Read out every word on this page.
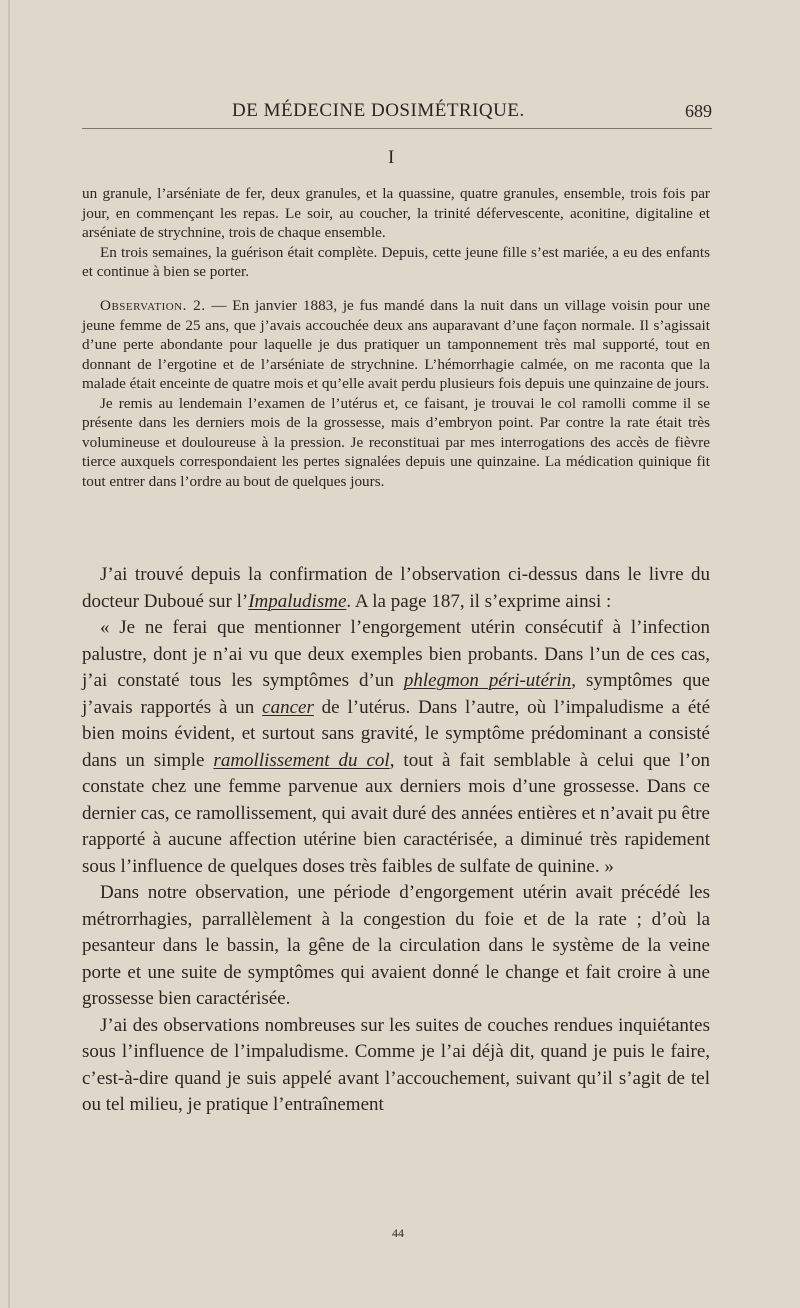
DE MÉDECINE DOSIMÉTRIQUE.	689
I

un granule, l’arséniate de fer, deux granules, et la quassine, quatre granules, ensemble, trois fois par jour, en commençant les repas. Le soir, au coucher, la trinité défervescente, aconitine, digitaline et arséniate de strychnine, trois de chaque ensemble.

En trois semaines, la guérison était complète. Depuis, cette jeune fille s’est mariée, a eu des enfants et continue à bien se porter.

Observation. 2. — En janvier 1883, je fus mandé dans la nuit dans un village voisin pour une jeune femme de 25 ans, que j’avais accouchée deux ans auparavant d’une façon normale. Il s’agissait d’une perte abondante pour laquelle je dus pratiquer un tamponnement très mal supporté, tout en donnant de l’ergotine et de l’arséniate de strychnine. L’hémorrhagie calmée, on me raconta que la malade était enceinte de quatre mois et qu’elle avait perdu plusieurs fois depuis une quinzaine de jours.

Je remis au lendemain l’examen de l’utérus et, ce faisant, je trouvai le col ramolli comme il se présente dans les derniers mois de la grossesse, mais d’embryon point. Par contre la rate était très volumineuse et douloureuse à la pression. Je reconstituai par mes interrogations des accès de fièvre tierce auxquels correspondaient les pertes signalées depuis une quinzaine. La médication quinique fit tout entrer dans l’ordre au bout de quelques jours.

J’ai trouvé depuis la confirmation de l’observation ci-dessus dans le livre du docteur Duboué sur l’Impaludisme. A la page 187, il s’exprime ainsi :

« Je ne ferai que mentionner l’engorgement utérin consécutif à l’infection palustre, dont je n’ai vu que deux exemples bien probants. Dans l’un de ces cas, j’ai constaté tous les symptômes d’un phlegmon péri-utérin, symptômes que j’avais rapportés à un cancer de l’utérus. Dans l’autre, où l’impaludisme a été bien moins évident, et surtout sans gravité, le symptôme prédominant a consisté dans un simple ramollissement du col, tout à fait semblable à celui que l’on constate chez une femme parvenue aux derniers mois d’une grossesse. Dans ce dernier cas, ce ramollissement, qui avait duré des années entières et n’avait pu être rapporté à aucune affection utérine bien caractérisée, a diminué très rapidement sous l’influence de quelques doses très faibles de sulfate de quinine. »

Dans notre observation, une période d’engorgement utérin avait précédé les métrorrhagies, parrallèlement à la congestion du foie et de la rate ; d’où la pesanteur dans le bassin, la gêne de la circulation dans le système de la veine porte et une suite de symptômes qui avaient donné le change et fait croire à une grossesse bien caractérisée.

J’ai des observations nombreuses sur les suites de couches rendues inquiétantes sous l’influence de l’impaludisme. Comme je l’ai déjà dit, quand je puis le faire, c’est-à-dire quand je suis appelé avant l’accouchement, suivant qu’il s’agit de tel ou tel milieu, je pratique l’entraînement

44
